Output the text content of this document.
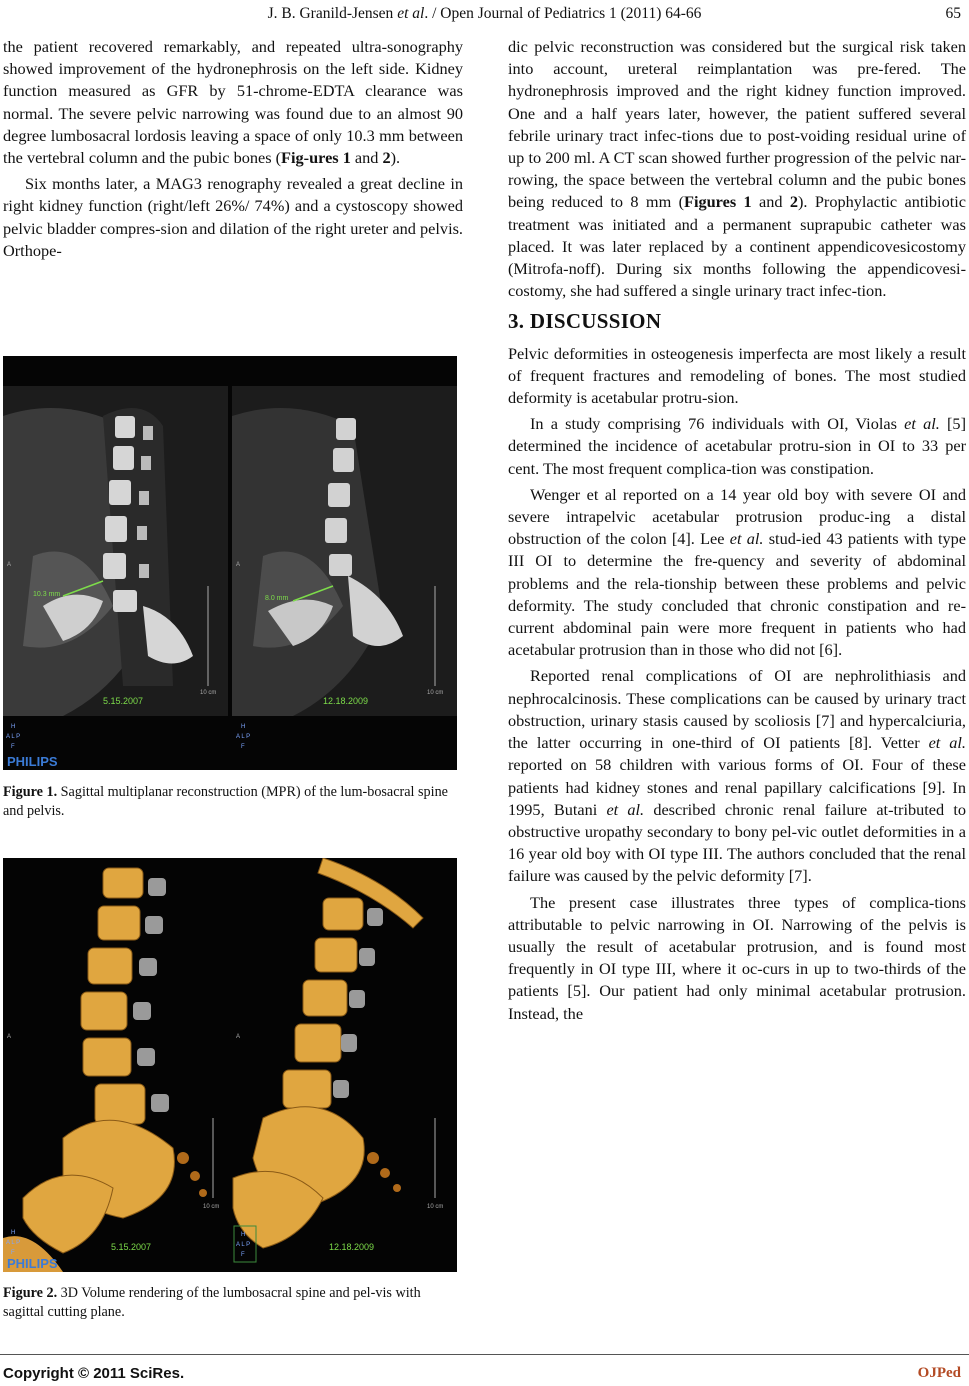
J. B. Granild-Jensen et al. / Open Journal of Pediatrics 1 (2011) 64-66	65

the patient recovered remarkably, and repeated ultra-sonography showed improvement of the hydronephrosis on the left side. Kidney function measured as GFR by 51-chrome-EDTA clearance was normal. The severe pelvic narrowing was found due to an almost 90 degree lumbosacral lordosis leaving a space of only 10.3 mm between the vertebral column and the pubic bones (Fig-ures 1 and 2).

Six months later, a MAG3 renography revealed a great decline in right kidney function (right/left 26%/ 74%) and a cystoscopy showed pelvic bladder compres-sion and dilation of the right ureter and pelvis. Orthope-

10.3 mm
10 cm
5.15.2007
H
A L P
F
A
8.0 mm
10 cm
12.18.2009
H
A L P
F
A
PHILIPS
Figure 1. Sagittal multiplanar reconstruction (MPR) of the lum-bosacral spine and pelvis.
5.15.2007
10 cm
H
A L P
F
A
12.18.2009
10 cm
H
A L P
F
A
PHILIPS
Figure 2. 3D Volume rendering of the lumbosacral spine and pel-vis with sagittal cutting plane.

dic pelvic reconstruction was considered but the surgical risk taken into account, ureteral reimplantation was pre-fered. The hydronephrosis improved and the right kidney function improved. One and a half years later, however, the patient suffered several febrile urinary tract infec-tions due to post-voiding residual urine of up to 200 ml. A CT scan showed further progression of the pelvic nar-rowing, the space between the vertebral column and the pubic bones being reduced to 8 mm (Figures 1 and 2). Prophylactic antibiotic treatment was initiated and a permanent suprapubic catheter was placed. It was later replaced by a continent appendicovesicostomy (Mitrofa-noff). During six months following the appendicovesi-costomy, she had suffered a single urinary tract infec-tion.

3. DISCUSSION

Pelvic deformities in osteogenesis imperfecta are most likely a result of frequent fractures and remodeling of bones. The most studied deformity is acetabular protru-sion.

In a study comprising 76 individuals with OI, Violas et al. [5] determined the incidence of acetabular protru-sion in OI to 33 per cent. The most frequent complica-tion was constipation.

Wenger et al reported on a 14 year old boy with severe OI and severe intrapelvic acetabular protrusion produc-ing a distal obstruction of the colon [4]. Lee et al. stud-ied 43 patients with type III OI to determine the fre-quency and severity of abdominal problems and the rela-tionship between these problems and pelvic deformity. The study concluded that chronic constipation and re-current abdominal pain were more frequent in patients who had acetabular protrusion than in those who did not [6].

Reported renal complications of OI are nephrolithiasis and nephrocalcinosis. These complications can be caused by urinary tract obstruction, urinary stasis caused by scoliosis [7] and hypercalciuria, the latter occurring in one-third of OI patients [8]. Vetter et al. reported on 58 children with various forms of OI. Four of these patients had kidney stones and renal papillary calcifications [9]. In 1995, Butani et al. described chronic renal failure at-tributed to obstructive uropathy secondary to bony pel-vic outlet deformities in a 16 year old boy with OI type III. The authors concluded that the renal failure was caused by the pelvic deformity [7].

The present case illustrates three types of complica-tions attributable to pelvic narrowing in OI. Narrowing of the pelvis is usually the result of acetabular protrusion, and is found most frequently in OI type III, where it oc-curs in up to two-thirds of the patients [5]. Our patient had only minimal acetabular protrusion. Instead, the

Copyright © 2011 SciRes.	OJPed
